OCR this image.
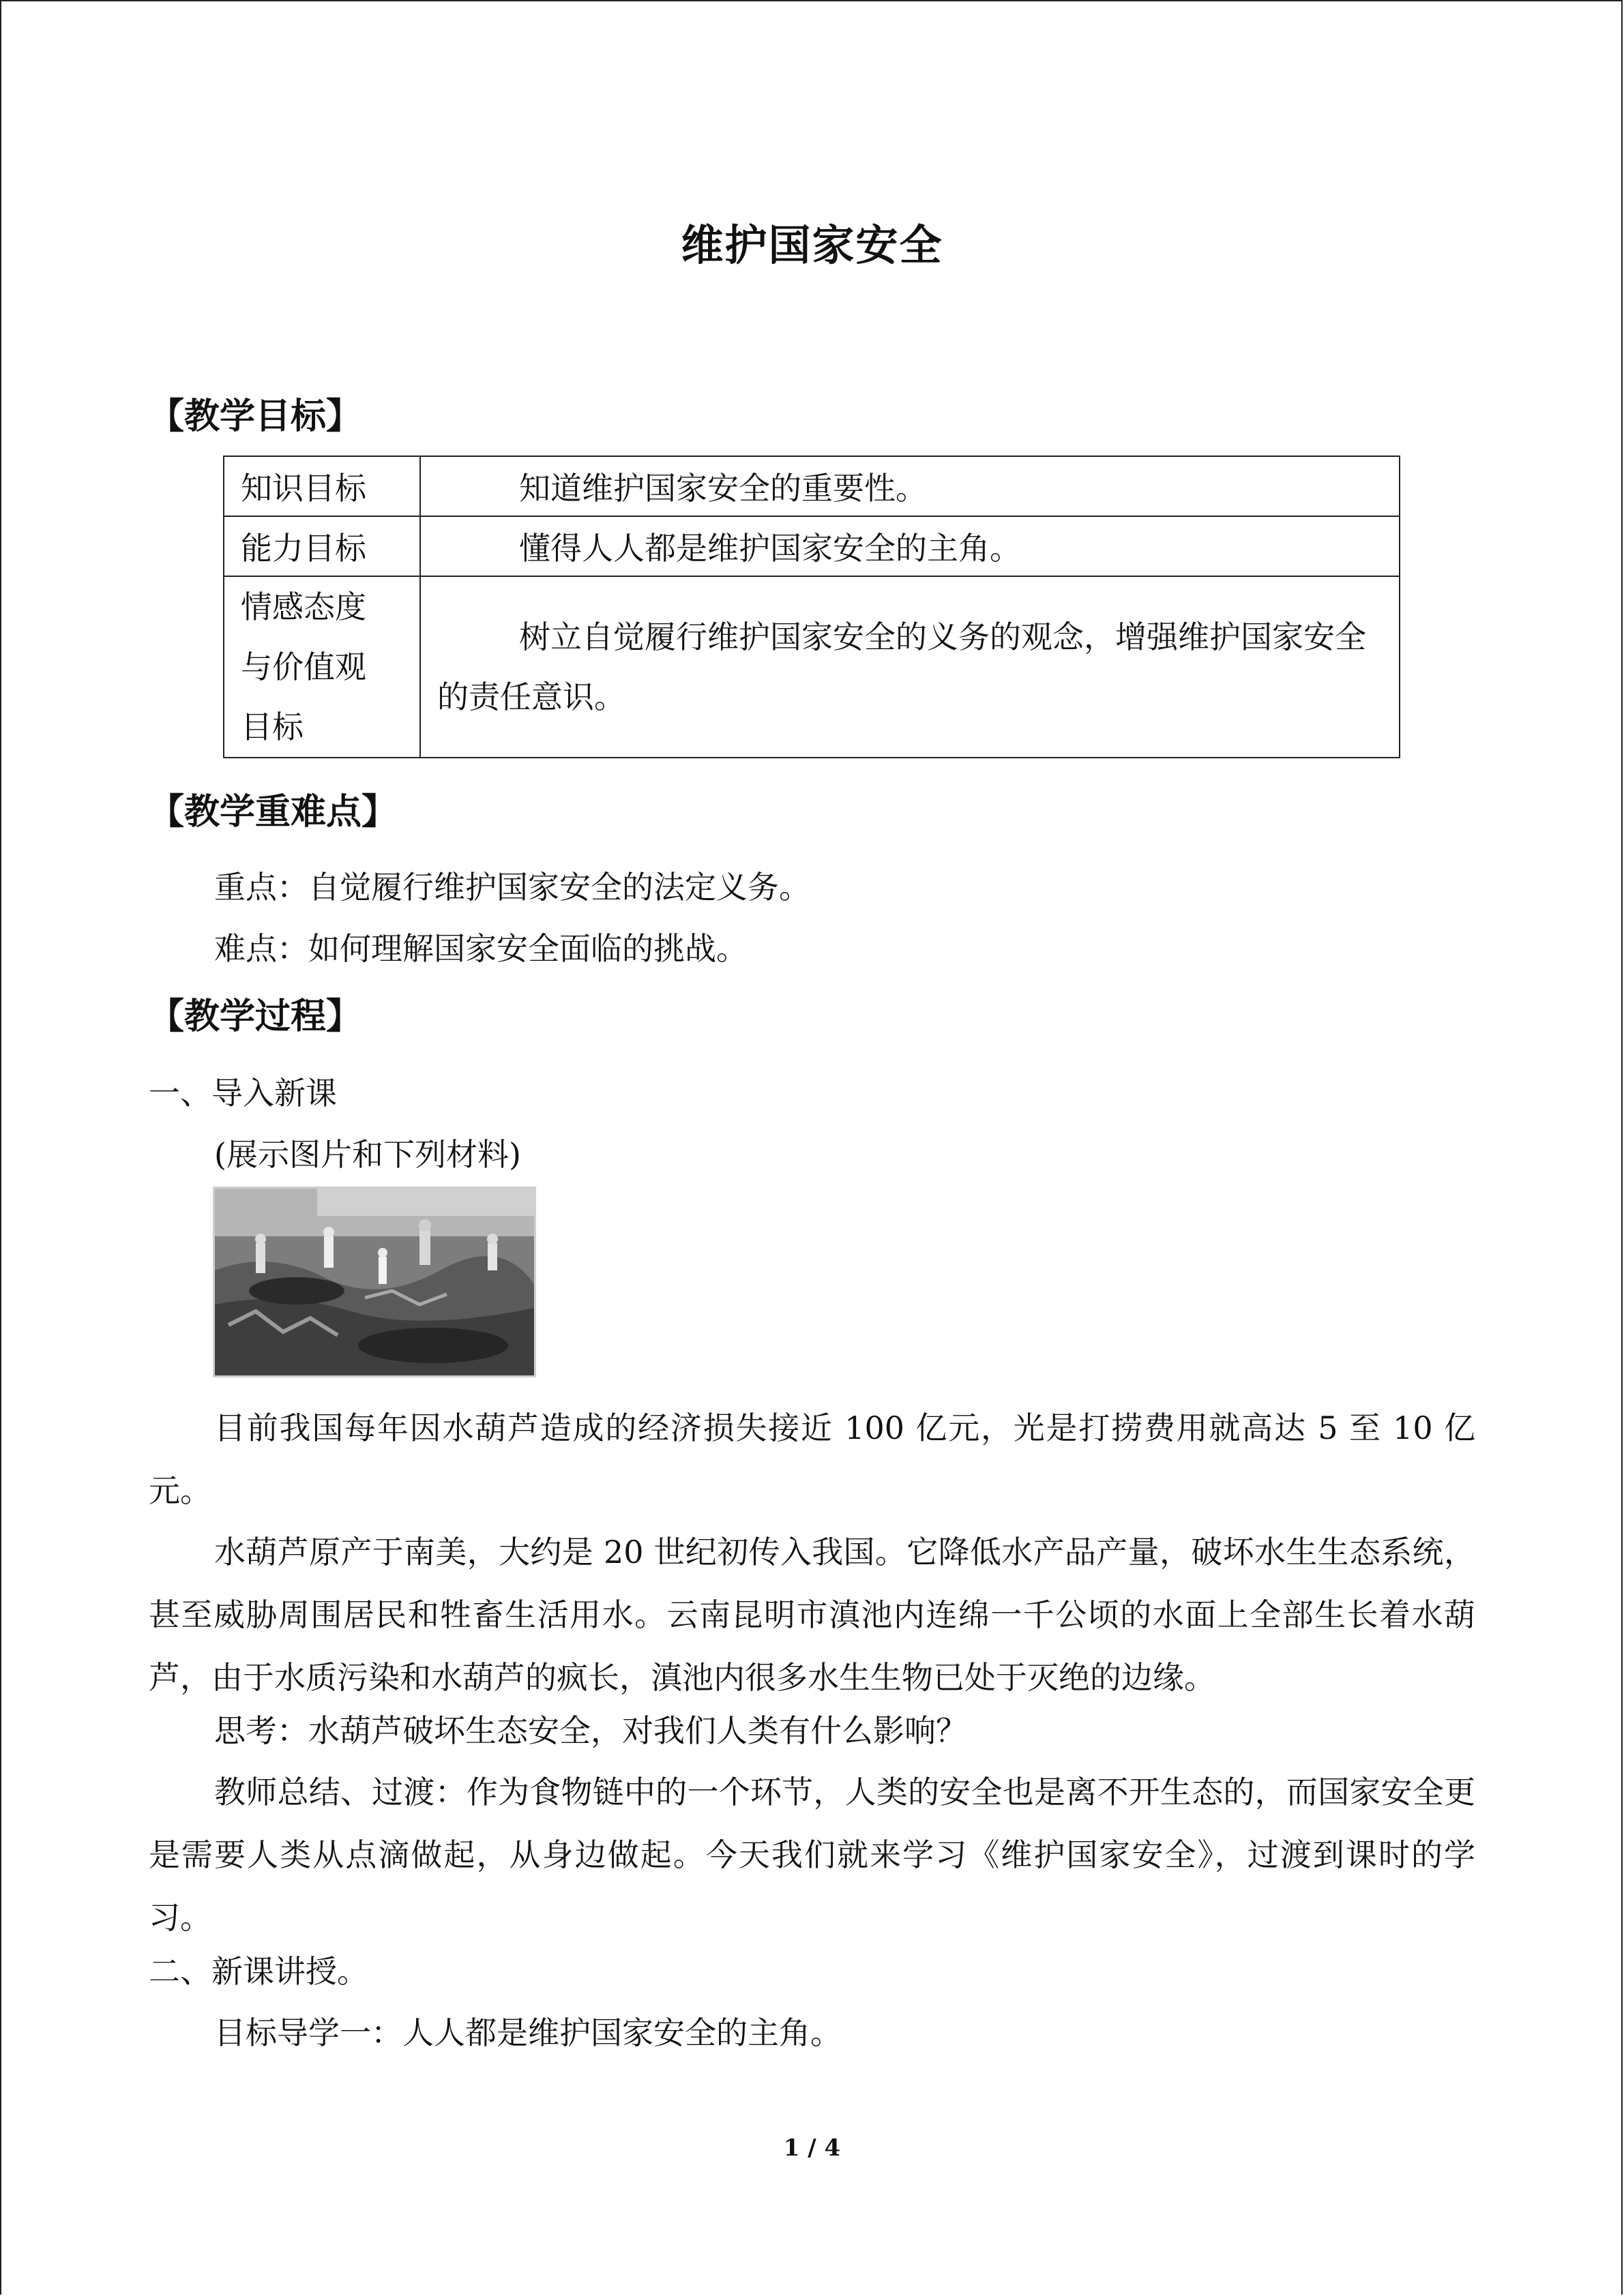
维护国家安全
【教学目标】
知识目标	知道维护国家安全的重要性。
能力目标	懂得人人都是维护国家安全的主角。

情感态度
与价值观
目标	树立自觉履行维护国家安全的义务的观念，增强维护国家安全的责任意识。
【教学重难点】
重点：自觉履行维护国家安全的法定义务。
难点：如何理解国家安全面临的挑战。
【教学过程】
一、导入新课
(展示图片和下列材料)
目前我国每年因水葫芦造成的经济损失接近 100 亿元，光是打捞费用就高达 5 至 10 亿元。
水葫芦原产于南美，大约是 20 世纪初传入我国。它降低水产品产量，破坏水生生态系统，甚至威胁周围居民和牲畜生活用水。云南昆明市滇池内连绵一千公顷的水面上全部生长着水葫芦，由于水质污染和水葫芦的疯长，滇池内很多水生生物已处于灭绝的边缘。
思考：水葫芦破坏生态安全，对我们人类有什么影响？
教师总结、过渡：作为食物链中的一个环节，人类的安全也是离不开生态的，而国家安全更是需要人类从点滴做起，从身边做起。今天我们就来学习《维护国家安全》，过渡到课时的学习。
二、新课讲授。
目标导学一：人人都是维护国家安全的主角。
1 / 4
